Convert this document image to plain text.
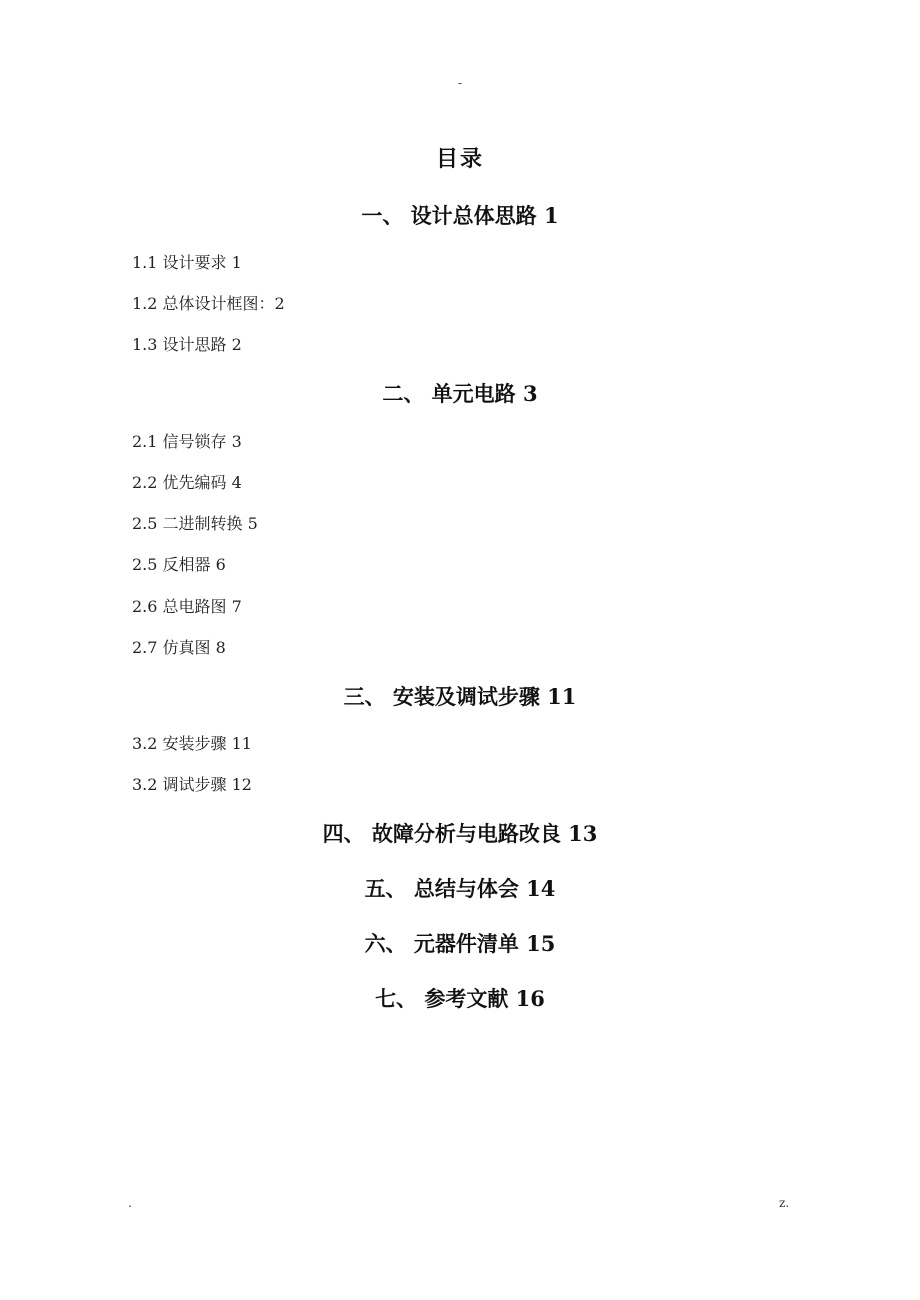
-
目录
一、 设计总体思路 1
1.1 设计要求 1
1.2 总体设计框图：2
1.3 设计思路 2
二、 单元电路 3
2.1 信号锁存 3
2.2 优先编码 4
2.5 二进制转换 5
2.5 反相器 6
2.6 总电路图 7
2.7 仿真图 8
三、 安装及调试步骤 11
3.2 安装步骤 11
3.2 调试步骤 12
四、 故障分析与电路改良 13
五、 总结与体会 14
六、 元器件清单 15
七、 参考文献 16
.	z.
